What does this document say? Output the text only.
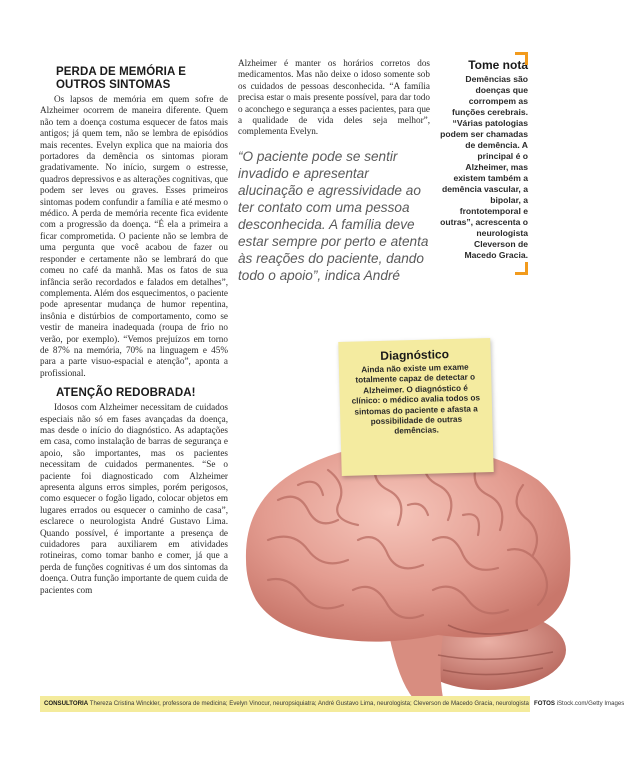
PERDA DE MEMÓRIA E OUTROS SINTOMAS

Os lapsos de memória em quem sofre de Alzheimer ocorrem de maneira diferente. Quem não tem a doença costuma esquecer de fatos mais antigos; já quem tem, não se lembra de episódios mais recentes. Evelyn explica que na maioria dos portadores da demência os sintomas pioram gradativamente. No início, surgem o estresse, quadros depressivos e as alterações cognitivas, que podem ser leves ou graves. Esses primeiros sintomas podem confundir a família e até mesmo o médico. A perda de memória recente fica evidente com a progressão da doença. “É ela a primeira a ficar comprometida. O paciente não se lembra de uma pergunta que você acabou de fazer ou responder e certamente não se lembrará do que comeu no café da manhã. Mas os fatos de sua infância serão recordados e falados em detalhes”, complementa. Além dos esquecimentos, o paciente pode apresentar mudança de humor repentina, insônia e distúrbios de comportamento, como se vestir de maneira inadequada (roupa de frio no verão, por exemplo). “Vemos prejuízos em torno de 87% na memória, 70% na linguagem e 45% para a parte visuo-espacial e atenção”, aponta a profissional.

ATENÇÃO REDOBRADA!

Idosos com Alzheimer necessitam de cuidados especiais não só em fases avançadas da doença, mas desde o início do diagnóstico. As adaptações em casa, como instalação de barras de segurança e apoio, são importantes, mas os pacientes necessitam de cuidados permanentes. “Se o paciente foi diagnosticado com Alzheimer apresenta alguns erros simples, porém perigosos, como esquecer o fogão ligado, colocar objetos em lugares errados ou esquecer o caminho de casa”, esclarece o neurologista André Gustavo Lima. Quando possível, é importante a presença de cuidadores para auxiliarem em atividades rotineiras, como tomar banho e comer, já que a perda de funções cognitivas é um dos sintomas da doença. Outra função importante de quem cuida de pacientes com

Alzheimer é manter os horários corretos dos medicamentos. Mas não deixe o idoso somente sob os cuidados de pessoas desconhecida. “A família precisa estar o mais presente possível, para dar todo o aconchego e segurança a esses pacientes, para que a qualidade de vida deles seja melhor”, complementa Evelyn.

“O paciente pode se sentir invadido e apresentar alucinação e agressividade ao ter contato com uma pessoa desconhecida. A família deve estar sempre por perto e atenta às reações do paciente, dando todo o apoio”, indica André
Tome nota
Demências são doenças que corrompem as funções cerebrais. “Várias patologias podem ser chamadas de demência. A principal é o Alzheimer, mas existem também a demência vascular, a bipolar, a frontotemporal e outras”, acrescenta o neurologista Cleverson de Macedo Gracia.
Diagnóstico
Ainda não existe um exame totalmente capaz de detectar o Alzheimer. O diagnóstico é clínico: o médico avalia todos os sintomas do paciente e afasta a possibilidade de outras demências.
CONSULTORIA Thereza Cristina Winckler, professora de medicina; Evelyn Vinocur, neuropsiquiatra; André Gustavo Lima, neurologista; Cleverson de Macedo Gracia, neurologista FOTOS iStock.com/Getty Images
